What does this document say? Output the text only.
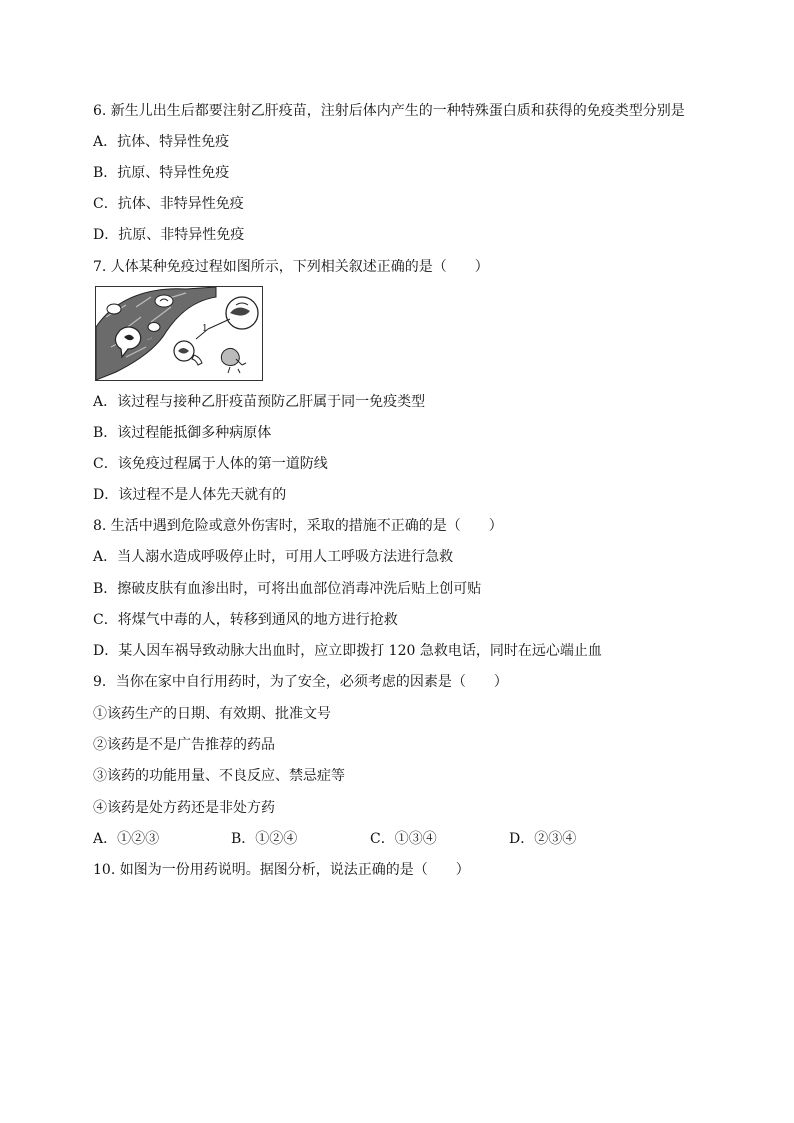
6. 新生儿出生后都要注射乙肝疫苗，注射后体内产生的一种特殊蛋白质和获得的免疫类型分别是
A．抗体、特异性免疫
B．抗原、特异性免疫
C．抗体、非特异性免疫
D．抗原、非特异性免疫
7. 人体某种免疫过程如图所示，下列相关叙述正确的是（　　）
···
1
A．该过程与接种乙肝疫苗预防乙肝属于同一免疫类型
B．该过程能抵御多种病原体
C．该免疫过程属于人体的第一道防线
D．该过程不是人体先天就有的
8. 生活中遇到危险或意外伤害时，采取的措施不正确的是（　　）
A．当人溺水造成呼吸停止时，可用人工呼吸方法进行急救
B．擦破皮肤有血渗出时，可将出血部位消毒冲洗后贴上创可贴
C．将煤气中毒的人，转移到通风的地方进行抢救
D．某人因车祸导致动脉大出血时，应立即拨打 120 急救电话，同时在远心端止血
9．当你在家中自行用药时，为了安全，必须考虑的因素是（　　）
①该药生产的日期、有效期、批准文号
②该药是不是广告推荐的药品
③该药的功能用量、不良反应、禁忌症等
④该药是处方药还是非处方药
A．①②③	B．①②④	C．①③④	D．②③④
10. 如图为一份用药说明。据图分析，说法正确的是（　　）
